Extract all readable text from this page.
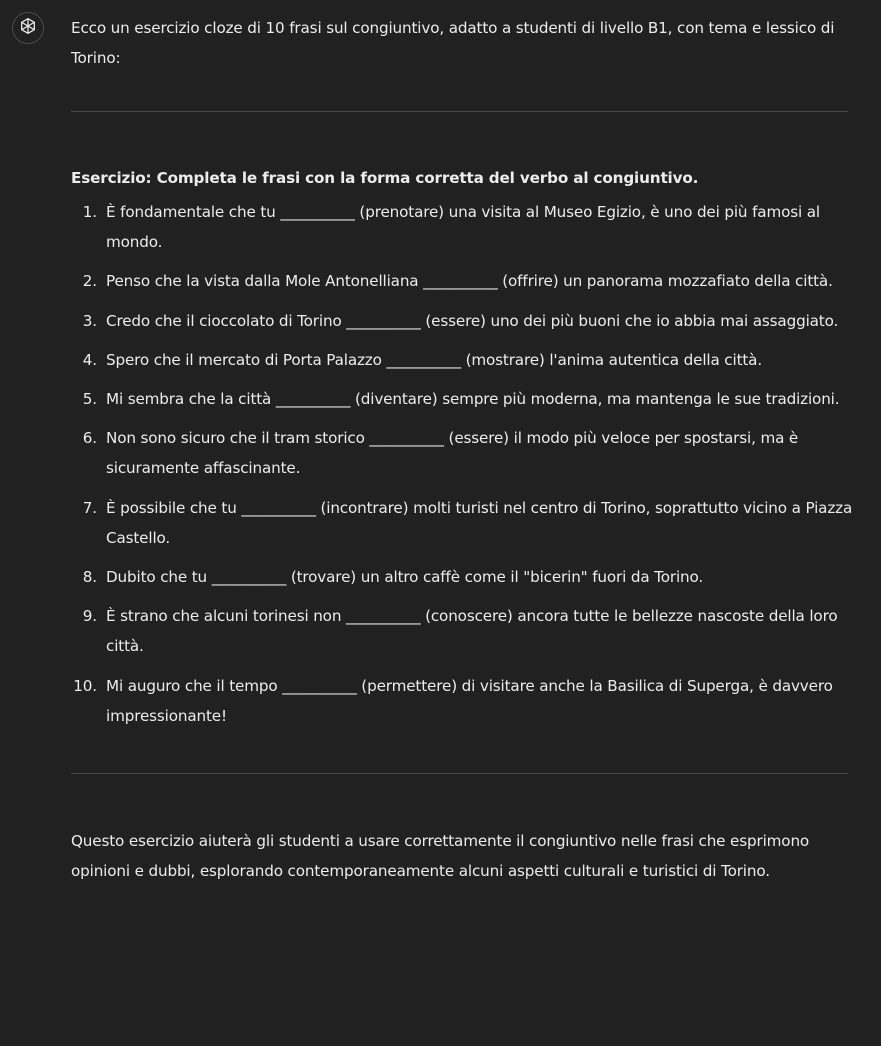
Ecco un esercizio cloze di 10 frasi sul congiuntivo, adatto a studenti di livello B1, con tema e lessico di Torino:

Esercizio: Completa le frasi con la forma corretta del verbo al congiuntivo.

1. È fondamentale che tu __________ (prenotare) una visita al Museo Egizio, è uno dei più famosi al mondo.
2. Penso che la vista dalla Mole Antonelliana __________ (offrire) un panorama mozzafiato della città.
3. Credo che il cioccolato di Torino __________ (essere) uno dei più buoni che io abbia mai assaggiato.
4. Spero che il mercato di Porta Palazzo __________ (mostrare) l'anima autentica della città.
5. Mi sembra che la città __________ (diventare) sempre più moderna, ma mantenga le sue tradizioni.
6. Non sono sicuro che il tram storico __________ (essere) il modo più veloce per spostarsi, ma è sicuramente affascinante.
7. È possibile che tu __________ (incontrare) molti turisti nel centro di Torino, soprattutto vicino a Piazza Castello.
8. Dubito che tu __________ (trovare) un altro caffè come il "bicerin" fuori da Torino.
9. È strano che alcuni torinesi non __________ (conoscere) ancora tutte le bellezze nascoste della loro città.
10. Mi auguro che il tempo __________ (permettere) di visitare anche la Basilica di Superga, è davvero impressionante!

Questo esercizio aiuterà gli studenti a usare correttamente il congiuntivo nelle frasi che esprimono opinioni e dubbi, esplorando contemporaneamente alcuni aspetti culturali e turistici di Torino.
